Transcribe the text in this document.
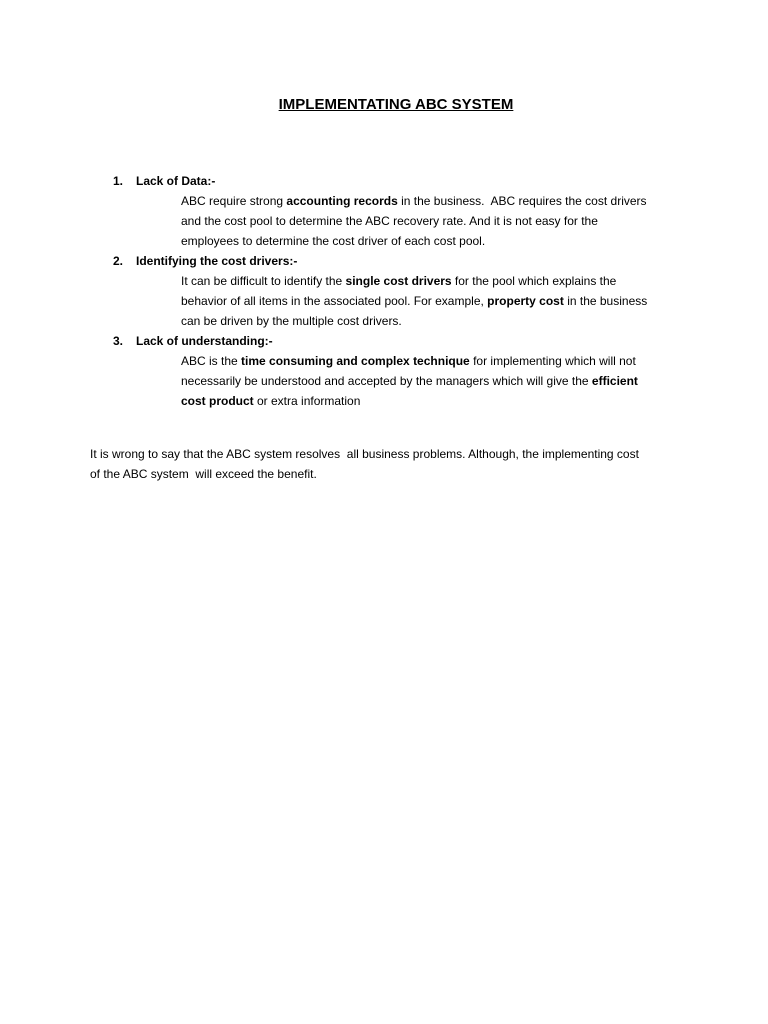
IMPLEMENTATING ABC SYSTEM
1. Lack of Data:-
ABC require strong accounting records in the business.  ABC requires the cost drivers
and the cost pool to determine the ABC recovery rate. And it is not easy for the
employees to determine the cost driver of each cost pool.
2. Identifying the cost drivers:-
It can be difficult to identify the single cost drivers for the pool which explains the
behavior of all items in the associated pool. For example, property cost in the business
can be driven by the multiple cost drivers.
3. Lack of understanding:-
ABC is the time consuming and complex technique for implementing which will not
necessarily be understood and accepted by the managers which will give the efficient
cost product or extra information
It is wrong to say that the ABC system resolves  all business problems. Although, the implementing cost
of the ABC system  will exceed the benefit.
